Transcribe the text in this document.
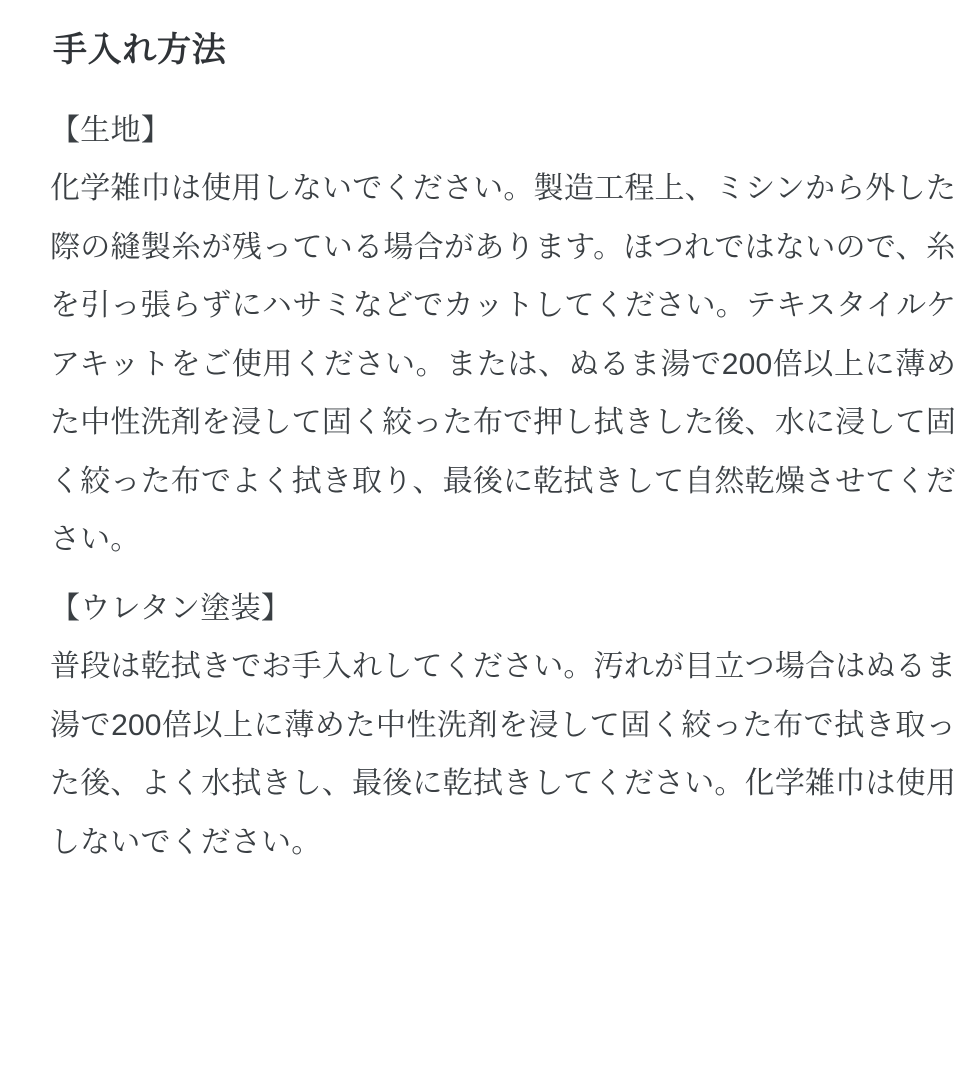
手入れ方法

【生地】

化学雑巾は使用しないでください。製造工程上、ミシンから外した際の縫製糸が残っている場合があります。ほつれではないので、糸を引っ張らずにハサミなどでカットしてください。テキスタイルケアキットをご使用ください。または、ぬるま湯で200倍以上に薄めた中性洗剤を浸して固く絞った布で押し拭きした後、水に浸して固く絞った布でよく拭き取り、最後に乾拭きして自然乾燥させてください。

【ウレタン塗装】

普段は乾拭きでお手入れしてください。汚れが目立つ場合はぬるま湯で200倍以上に薄めた中性洗剤を浸して固く絞った布で拭き取った後、よく水拭きし、最後に乾拭きしてください。化学雑巾は使用しないでください。
